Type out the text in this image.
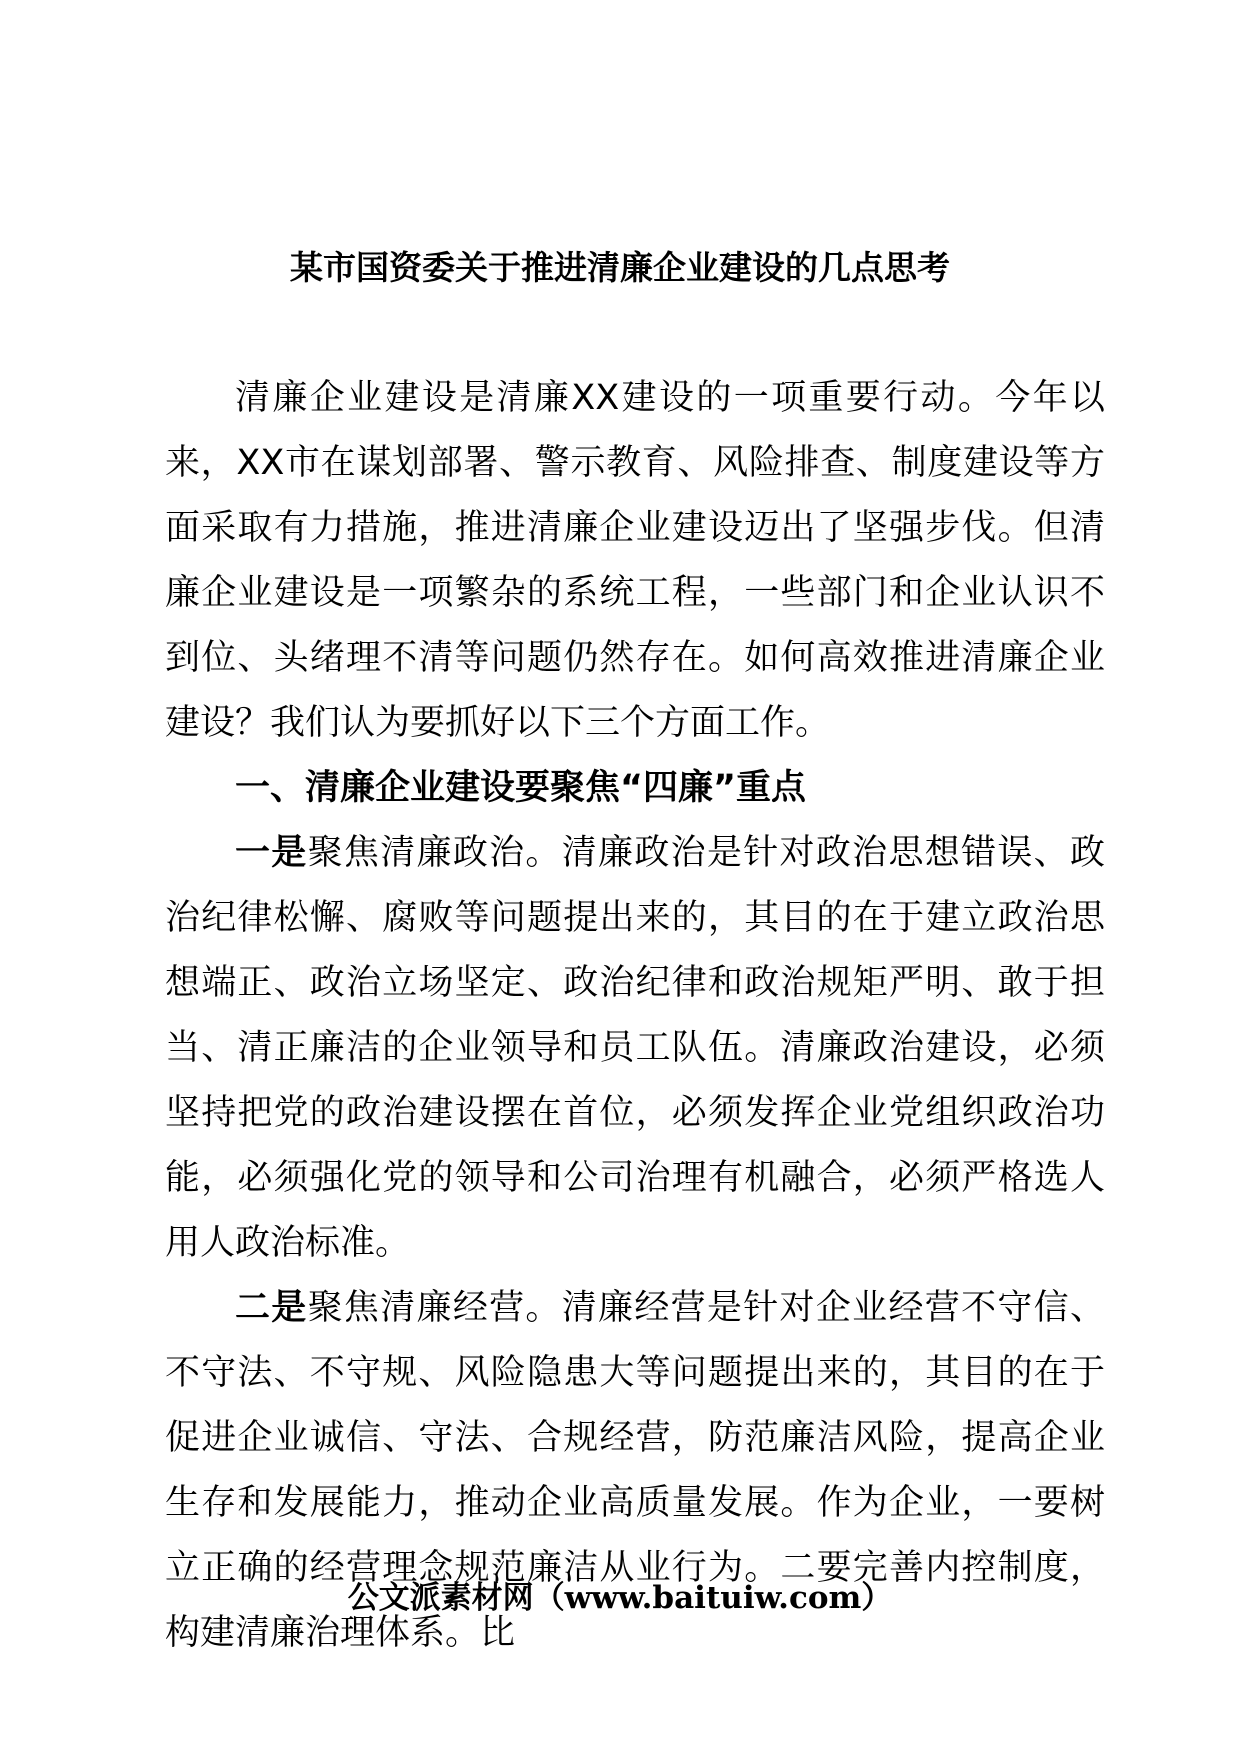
某市国资委关于推进清廉企业建设的几点思考

清廉企业建设是清廉XX建设的一项重要行动。今年以来，XX市在谋划部署、警示教育、风险排查、制度建设等方面采取有力措施，推进清廉企业建设迈出了坚强步伐。但清廉企业建设是一项繁杂的系统工程，一些部门和企业认识不到位、头绪理不清等问题仍然存在。如何高效推进清廉企业建设？我们认为要抓好以下三个方面工作。

一、清廉企业建设要聚焦“四廉”重点

一是聚焦清廉政治。清廉政治是针对政治思想错误、政治纪律松懈、腐败等问题提出来的，其目的在于建立政治思想端正、政治立场坚定、政治纪律和政治规矩严明、敢于担当、清正廉洁的企业领导和员工队伍。清廉政治建设，必须坚持把党的政治建设摆在首位，必须发挥企业党组织政治功能，必须强化党的领导和公司治理有机融合，必须严格选人用人政治标准。

二是聚焦清廉经营。清廉经营是针对企业经营不守信、不守法、不守规、风险隐患大等问题提出来的，其目的在于促进企业诚信、守法、合规经营，防范廉洁风险，提高企业生存和发展能力，推动企业高质量发展。作为企业，一要树立正确的经营理念规范廉洁从业行为。二要完善内控制度，构建清廉治理体系。比

公文派素材网（www.baituiw.com）
